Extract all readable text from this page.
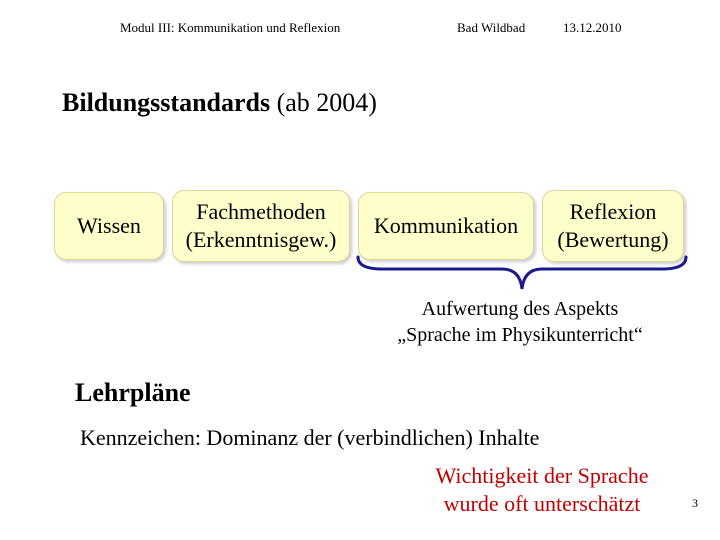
Modul III: Kommunikation und Reflexion	Bad Wildbad	13.12.2010
Bildungsstandards (ab 2004)
Wissen
Fachmethoden
(Erkenntnisgew.)
Kommunikation
Reflexion
(Bewertung)
Aufwertung des Aspekts
„Sprache im Physikunterricht“
Lehrpläne
Kennzeichen: Dominanz der (verbindlichen) Inhalte
Wichtigkeit der Sprache
wurde oft unterschätzt	3
